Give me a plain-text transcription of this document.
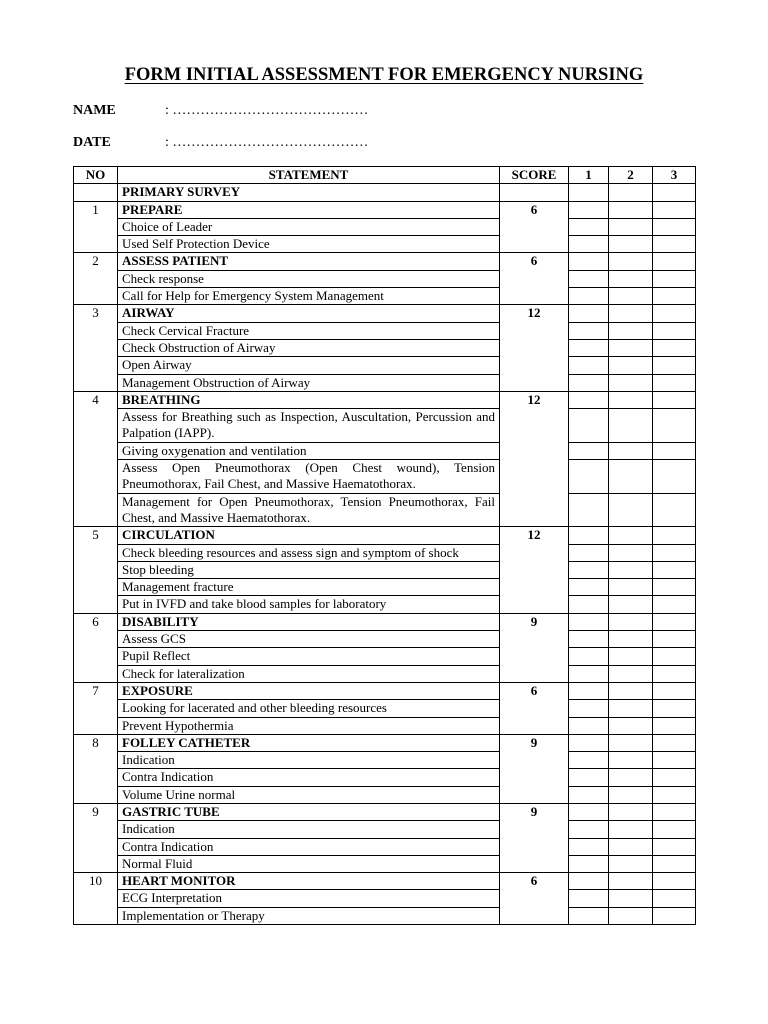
FORM INITIAL ASSESSMENT FOR EMERGENCY NURSING
NAME	: ……………………………………
DATE	: ……………………………………
NO	STATEMENT	SCORE	1	2	3
	PRIMARY SURVEY				
1	PREPARE	6			
	Choice of Leader				
	Used Self Protection Device				
2	ASSESS PATIENT	6			
	Check response				
	Call for Help for Emergency System Management				
3	AIRWAY	12			
	Check Cervical Fracture				
	Check Obstruction of Airway				
	Open Airway				
	Management Obstruction of Airway				
4	BREATHING	12			
	Assess for Breathing such as Inspection, Auscultation, Percussion and Palpation (IAPP).				
	Giving oxygenation and ventilation				
	Assess Open Pneumothorax (Open Chest wound), Tension Pneumothorax, Fail Chest, and Massive Haematothorax.				
	Management for Open Pneumothorax, Tension Pneumothorax, Fail Chest, and Massive Haematothorax.				
5	CIRCULATION	12			
	Check bleeding resources and assess sign and symptom of shock				
	Stop bleeding				
	Management fracture				
	Put in IVFD and take blood samples for laboratory				
6	DISABILITY	9			
	Assess GCS				
	Pupil Reflect				
	Check for lateralization				
7	EXPOSURE	6			
	Looking for lacerated and other bleeding resources				
	Prevent Hypothermia				
8	FOLLEY CATHETER	9			
	Indication				
	Contra Indication				
	Volume Urine normal				
9	GASTRIC TUBE	9			
	Indication				
	Contra Indication				
	Normal Fluid				
10	HEART MONITOR	6			
	ECG Interpretation				
	Implementation or Therapy				
